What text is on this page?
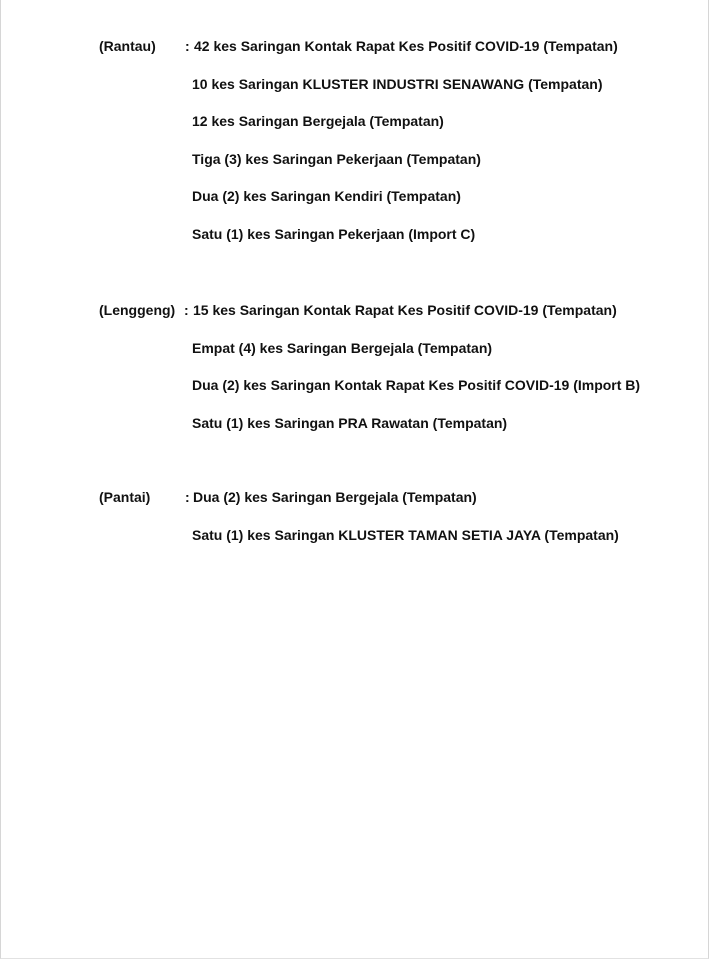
(Rantau) : 42 kes Saringan Kontak Rapat Kes Positif COVID-19 (Tempatan)
10 kes Saringan KLUSTER INDUSTRI SENAWANG (Tempatan)
12 kes Saringan Bergejala (Tempatan)
Tiga (3) kes Saringan Pekerjaan (Tempatan)
Dua (2) kes Saringan Kendiri (Tempatan)
Satu (1) kes Saringan Pekerjaan (Import C)
(Lenggeng) : 15 kes Saringan Kontak Rapat Kes Positif COVID-19 (Tempatan)
Empat (4) kes Saringan Bergejala (Tempatan)
Dua (2) kes Saringan Kontak Rapat Kes Positif COVID-19 (Import B)
Satu (1) kes Saringan PRA Rawatan (Tempatan)
(Pantai) : Dua (2) kes Saringan Bergejala (Tempatan)
Satu (1) kes Saringan KLUSTER TAMAN SETIA JAYA (Tempatan)
